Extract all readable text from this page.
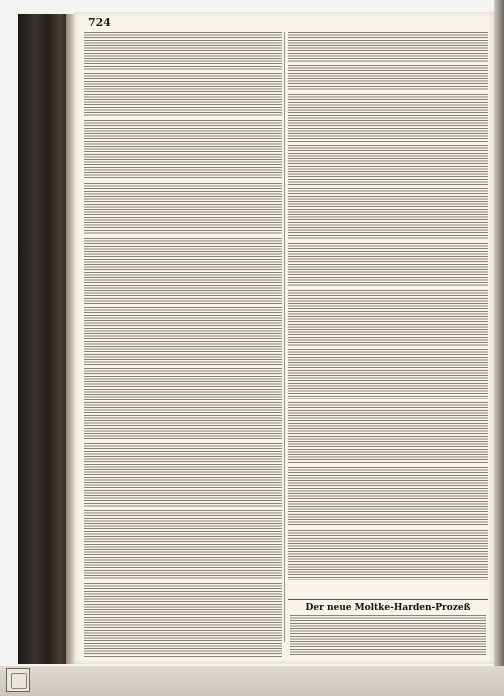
724
Der neue Moltke-Harden-Prozeß
